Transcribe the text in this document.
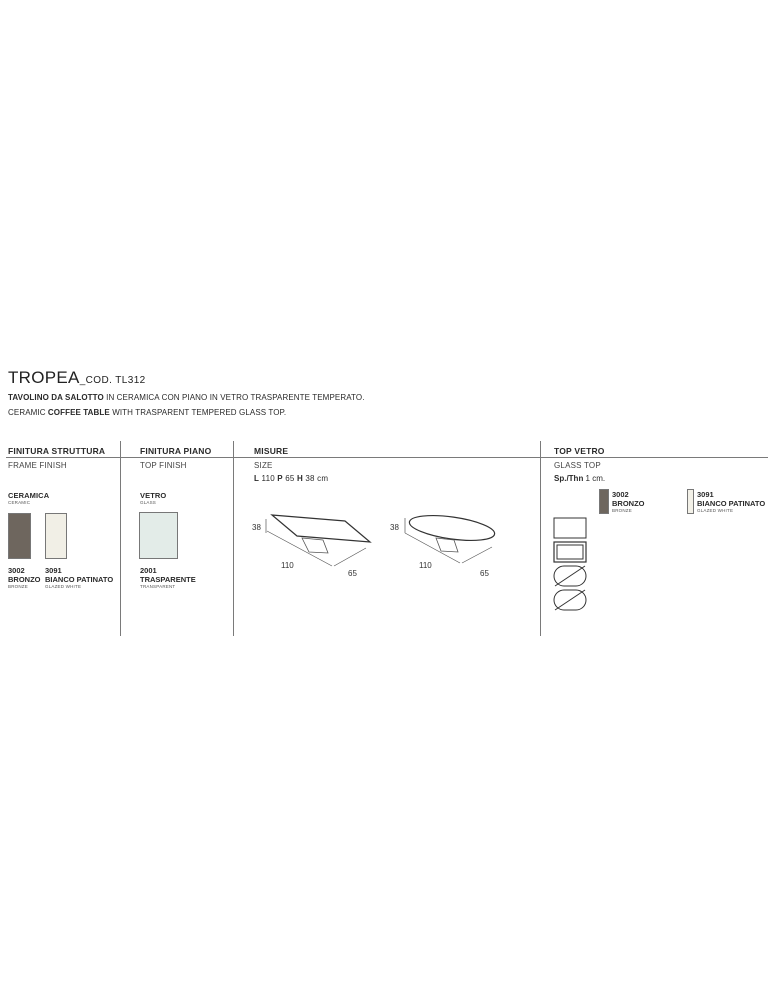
TROPEA_COD. TL312
TAVOLINO DA SALOTTO IN CERAMICA CON PIANO IN VETRO TRASPARENTE TEMPERATO.
CERAMIC COFFEE TABLE WITH TRASPARENT TEMPERED GLASS TOP.
FINITURA STRUTTURA	FINITURA PIANO	MISURE	TOP VETRO
FRAME FINISH	TOP FINISH	SIZE	GLASS TOP
CERAMICA
CERAMIC
3002
BRONZO
BRONZE
3091
BIANCO PATINATO
GLAZED WHITE
VETRO
GLASS
2001
TRASPARENTE
TRANSPARENT
L 110 P 65 H 38 cm
38
110
65
38
110
65
Sp./Thn 1 cm.
3002
BRONZO
BRONZE
3091
BIANCO PATINATO
GLAZED WHITE
